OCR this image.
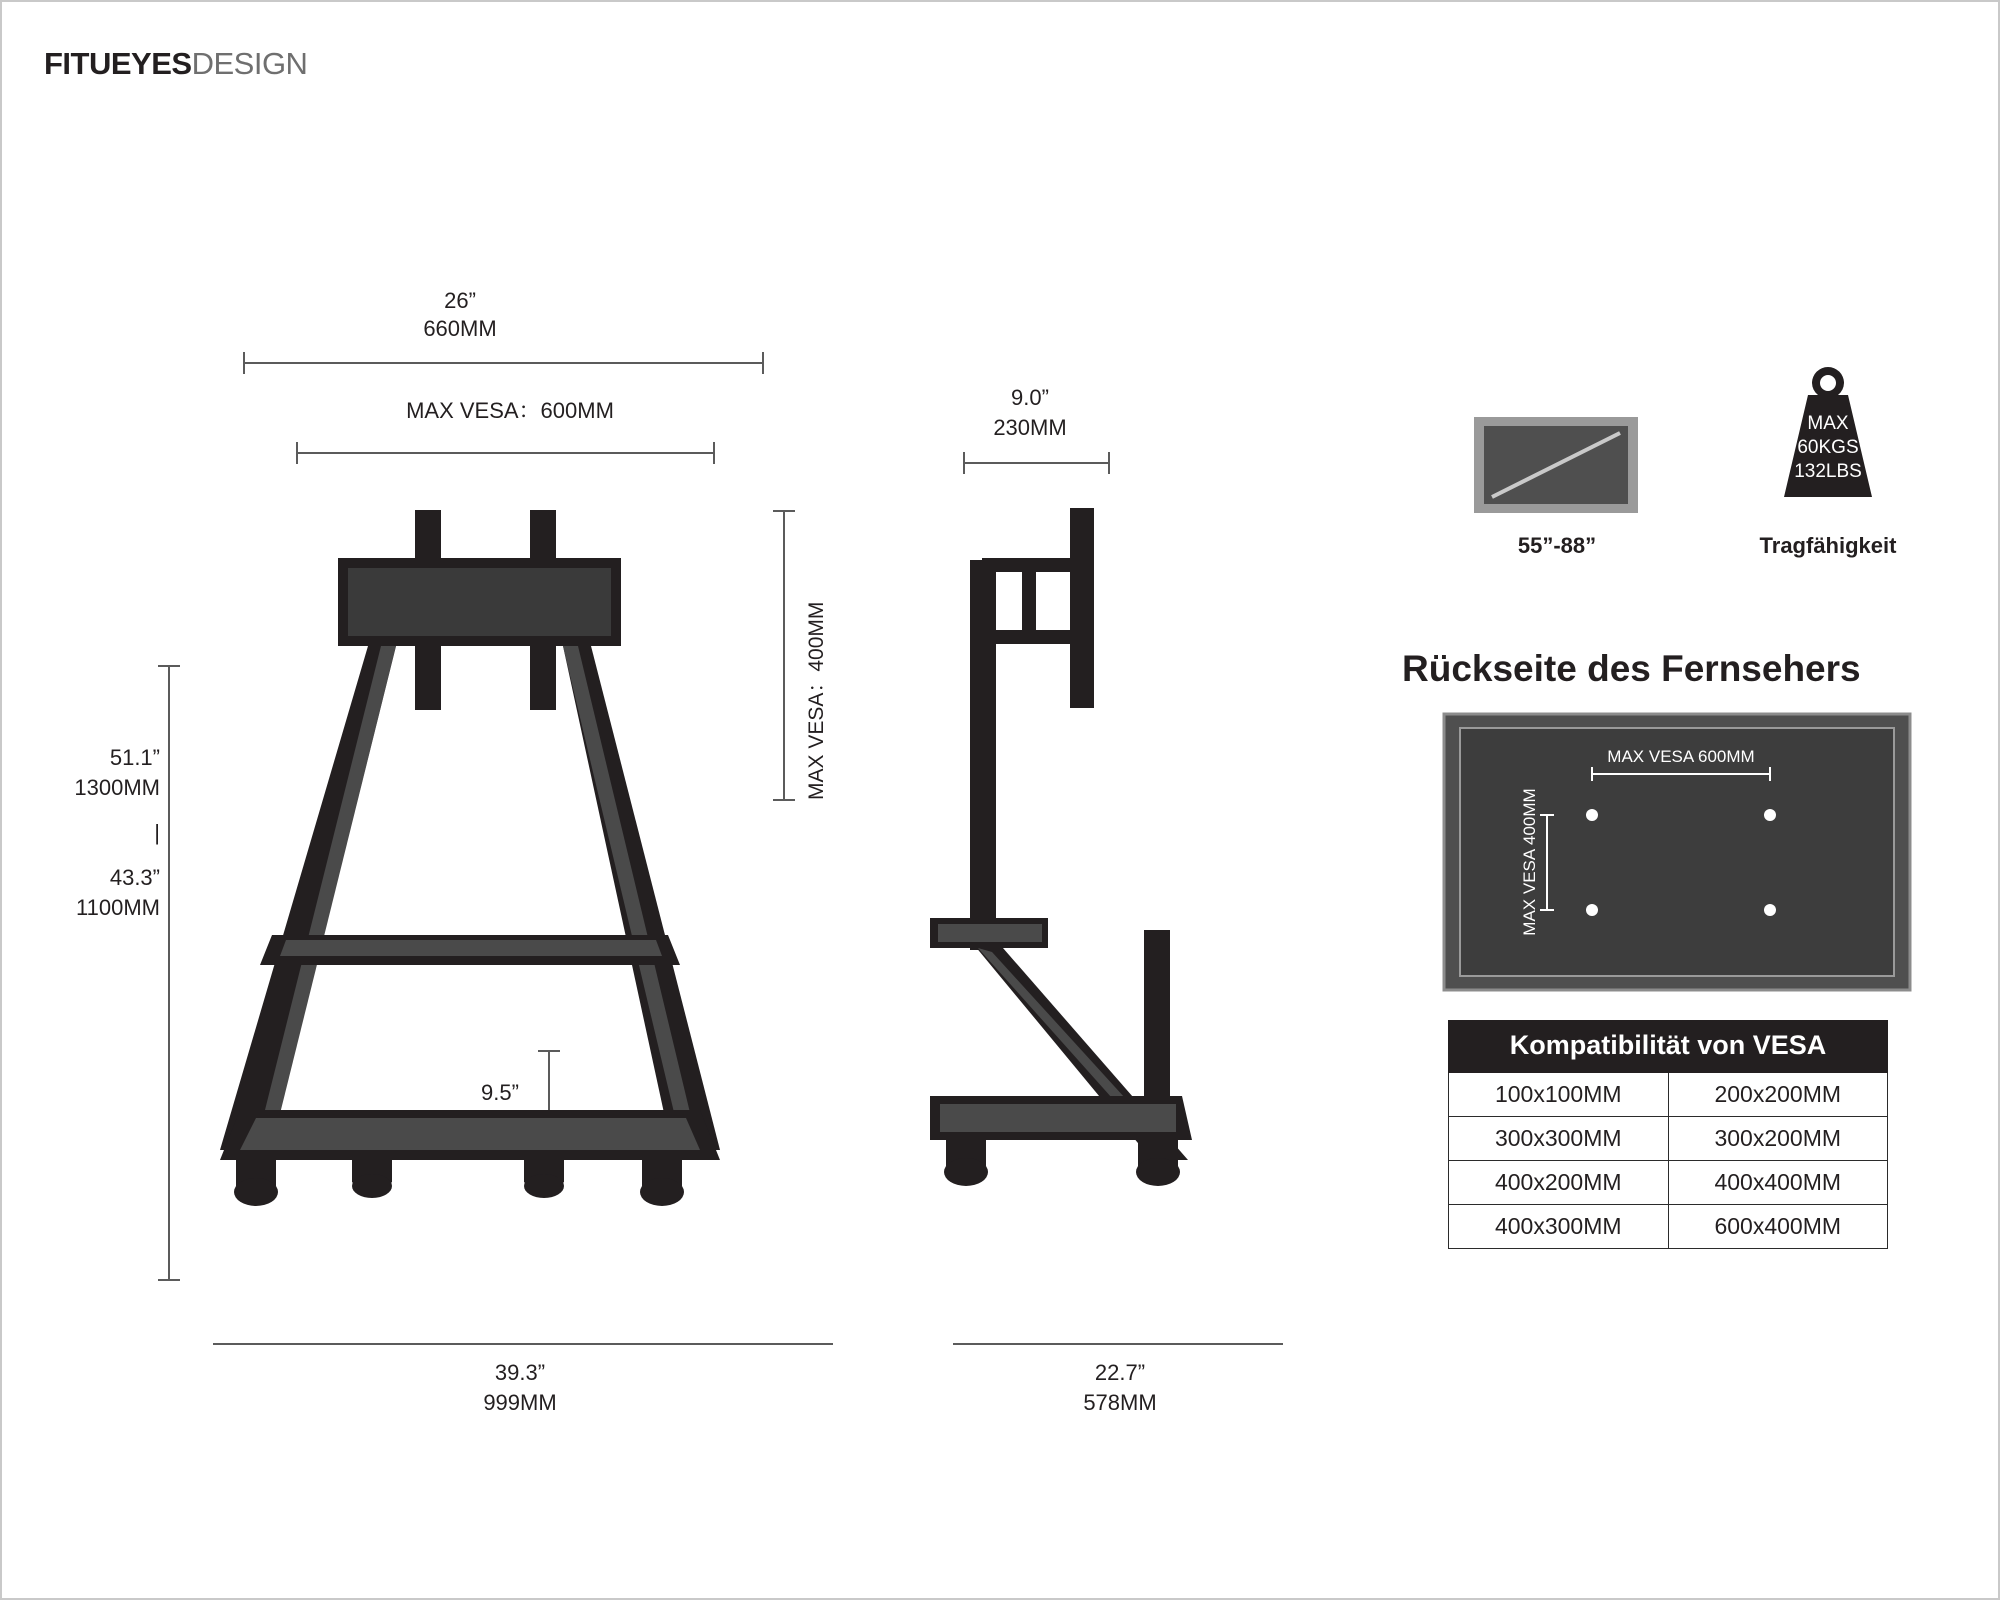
FITUEYESDESIGN
26”
660MM
MAX VESA：600MM
MAX VESA：400MM
51.1”
1300MM
|
43.3”
1100MM
9.5”
39.3”
999MM
9.0”
230MM
22.7”
578MM
55”-88”
MAX
60KGS
132LBS
Tragfähigkeit
Rückseite des Fernsehers
MAX VESA 600MM
MAX VESA 400MM
Kompatibilität von VESA	
100x100MM	200x200MM
300x300MM	300x200MM
400x200MM	400x400MM
400x300MM	600x400MM
